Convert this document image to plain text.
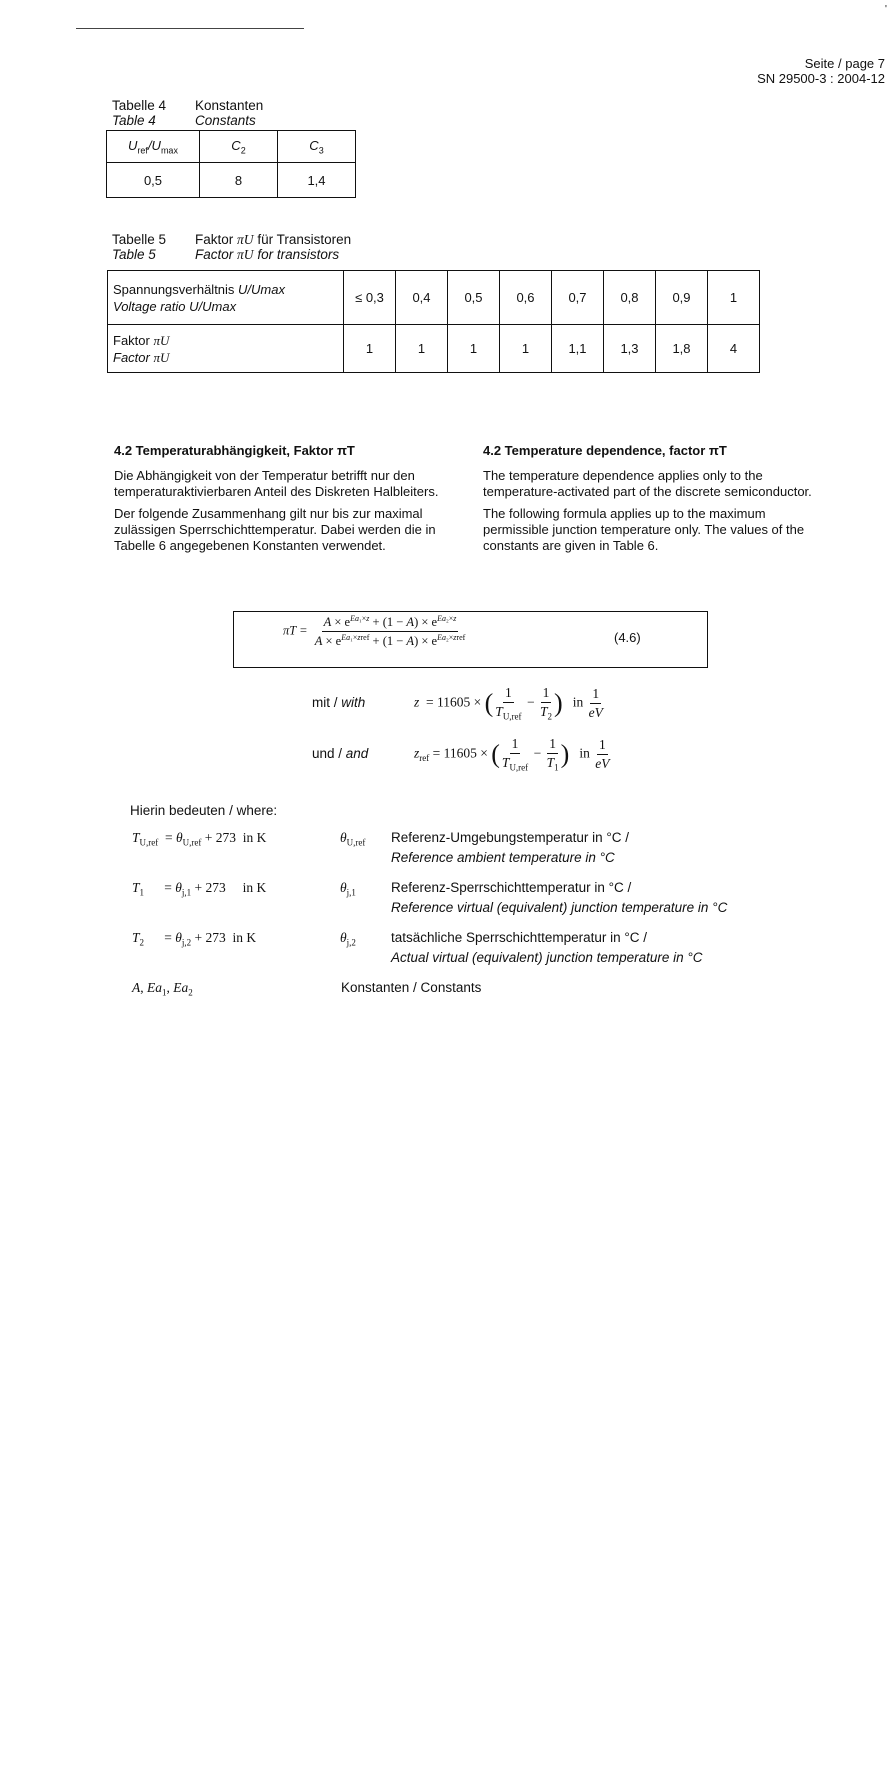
'
Seite / page 7
SN 29500-3 : 2004-12
Tabelle 4 Konstanten
Table 4	Constants
$U_{ref}/U_{max}$	$C_2$	$C_3$
0,5	8	1,4
Tabelle 5 Faktor πU für Transistoren
Table 5	Factor πU for transistors
Spannungsverhältnis U/Umax
Voltage ratio U/Umax	≤ 0,3	0,4	0,5	0,6	0,7	0,8	0,9	1

Faktor πU
Factor πU	1	1	1	1	1,1	1,3	1,8	4
4.2 Temperaturabhängigkeit, Faktor πT
Die Abhängigkeit von der Temperatur betrifft nur den temperaturaktivierbaren Anteil des Diskreten Halbleiters.
Der folgende Zusammenhang gilt nur bis zur maximal zulässigen Sperrschichttemperatur. Dabei werden die in Tabelle 6 angegebenen Konstanten verwendet.
4.2 Temperature dependence, factor πT
The temperature dependence applies only to the temperature-activated part of the discrete semiconductor.
The following formula applies up to the maximum permissible junction temperature only. The values of the constants are given in Table 6.
$\pi T = \frac{A \times e^{Ea_1\times z} + (1 - A) \times e^{Ea_2\times z}}{A \times e^{Ea_1\times zref} + (1 - A) \times e^{Ea_2\times zref}}$	(4.6)
mit / with	z = 11605 × ( $\frac{1}{T_{U,ref}} - \frac{1}{T_2}$ ) in $\frac{1}{eV}$
und / and	$z_{ref} = 11605$ × ( $\frac{1}{T_{U,ref}} - \frac{1}{T_1}$ ) in $\frac{1}{eV}$
Hierin bedeuten / where:
$T_{U,ref} = \theta_{U,ref} + 273$ in K	$\theta_{U,ref}$ Referenz-Umgebungstemperatur in °C /
Reference ambient temperature in °C
$T_1$      = $\theta_{j,1} + 273$ in K	$\theta_{j,1}$	Referenz-Sperrschichttemperatur in °C /
Reference virtual (equivalent) junction temperature in °C
$T_2$      = $\theta_{j,2} + 273$ in K	$\theta_{j,2}$	tatsächliche Sperrschichttemperatur in °C /
Actual virtual (equivalent) junction temperature in °C
A, $Ea_1$, $Ea_2$	Konstanten / Constants
